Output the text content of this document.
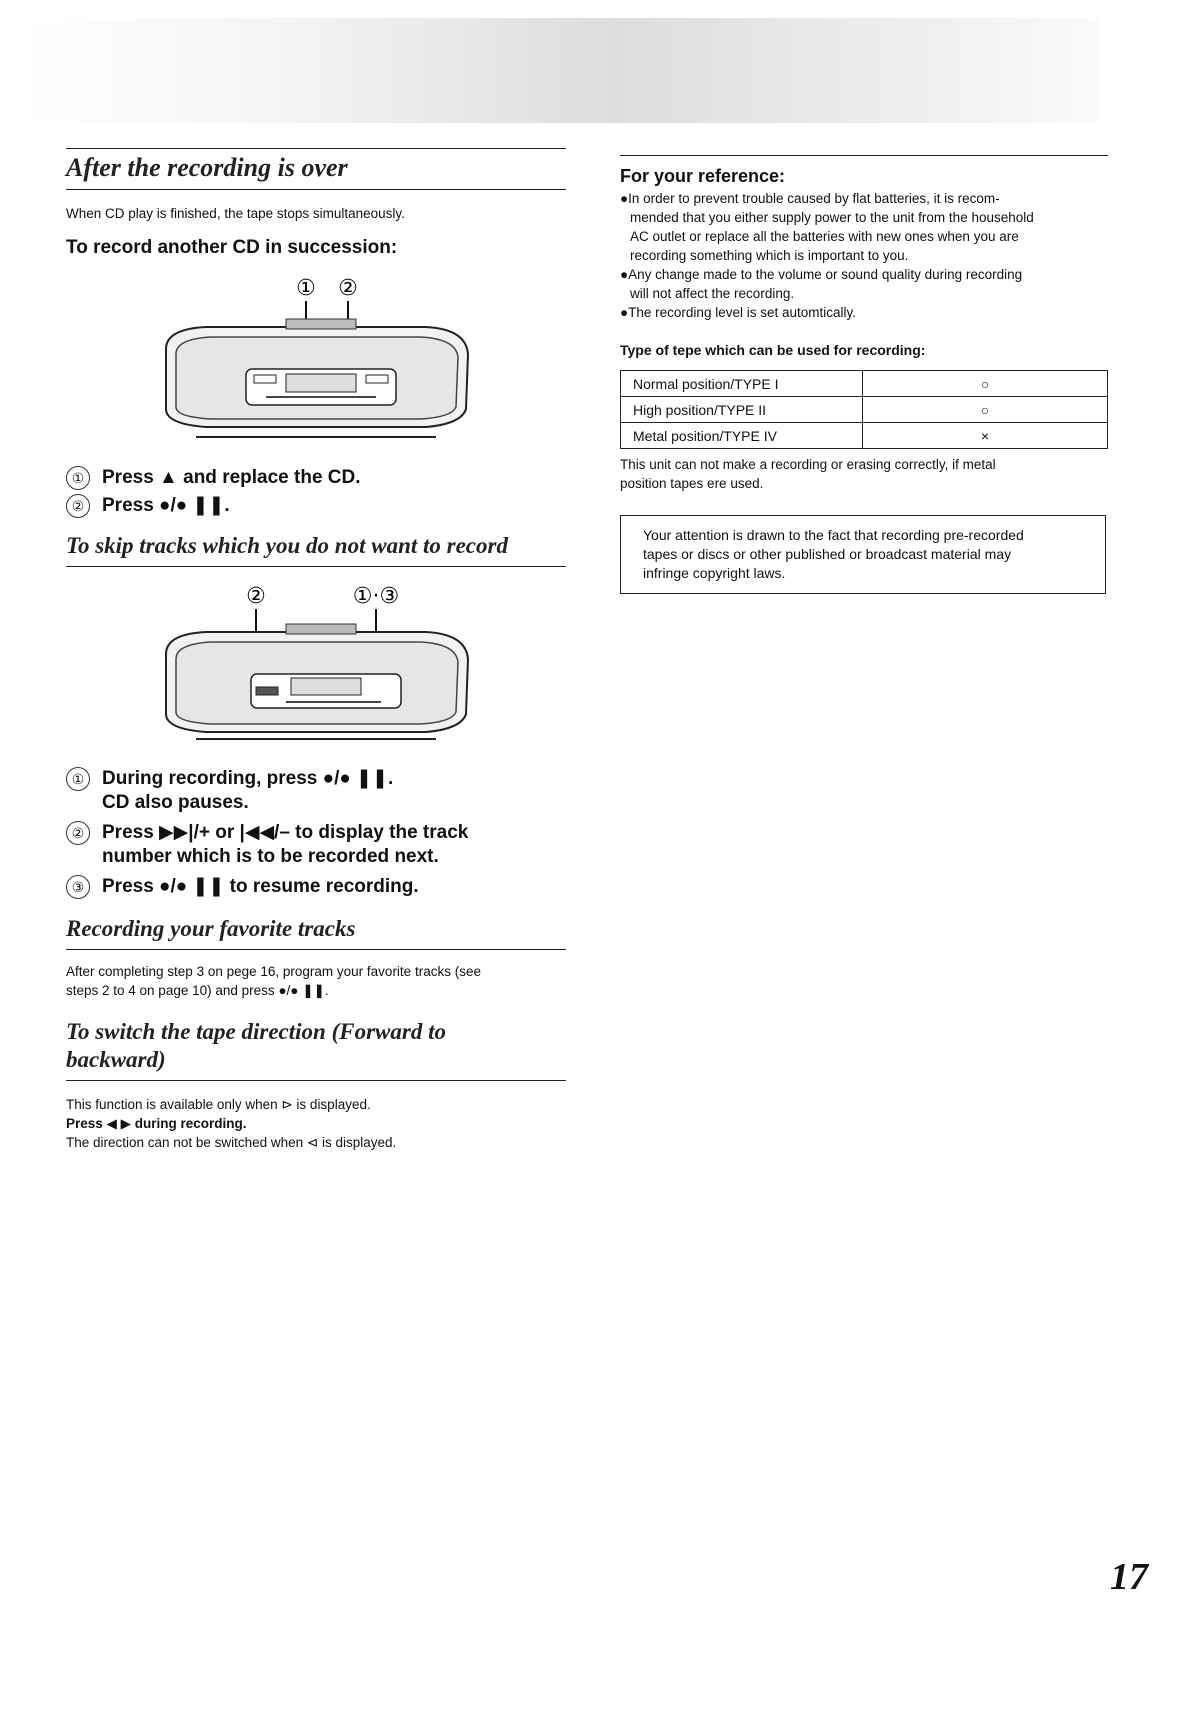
After the recording is over
When CD play is finished, the tape stops simultaneously.
To record another CD in succession:
① ②
① Press ▲ and replace the CD.
② Press ●/● ❚❚.
To skip tracks which you do not want to record
②	①·③
① During recording, press ●/● ❚❚.
CD also pauses.
② Press ▶▶|/+ or |◀◀/– to display the track
number which is to be recorded next.
③ Press ●/● ❚❚ to resume recording.
Recording your favorite tracks
After completing step 3 on pege 16, program your favorite tracks (see
steps 2 to 4 on page 10) and press ●/● ❚❚.
To switch the tape direction (Forward to
backward)
This function is available only when ⊳ is displayed.
Press ◀ ▶ during recording.
The direction can not be switched when ⊲ is displayed.
For your reference:
●In order to prevent trouble caused by flat batteries, it is recom-
mended that you either supply power to the unit from the household
AC outlet or replace all the batteries with new ones when you are
recording something which is important to you.
●Any change made to the volume or sound quality during recording
will not affect the recording.
●The recording level is set automtically.
Type of tepe which can be used for recording:
Normal position/TYPE I	○
High position/TYPE II	○
Metal position/TYPE IV	×
This unit can not make a recording or erasing correctly, if metal
position tapes ere used.
Your attention is drawn to the fact that recording pre-recorded
tapes or discs or other published or broadcast material may
infringe copyright laws.
17
